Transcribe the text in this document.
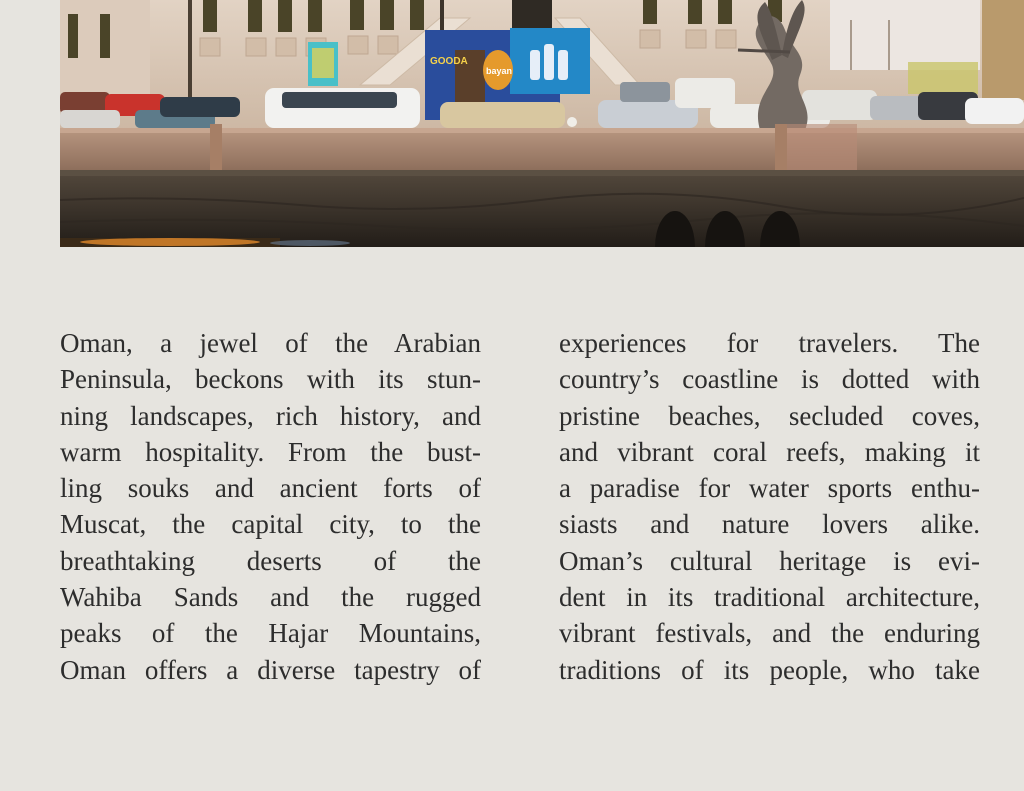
bayan
GOODA
Oman, a jewel of the Arabian
Peninsula, beckons with its stun-
ning landscapes, rich history, and
warm hospitality. From the bust-
ling souks and ancient forts of
Muscat, the capital city, to the
breathtaking deserts of the
Wahiba Sands and the rugged
peaks of the Hajar Mountains,
Oman offers a diverse tapestry of
experiences for travelers. The
country’s coastline is dotted with
pristine beaches, secluded coves,
and vibrant coral reefs, making it
a paradise for water sports enthu-
siasts and nature lovers alike.
Oman’s cultural heritage is evi-
dent in its traditional architecture,
vibrant festivals, and the enduring
traditions of its people, who take
